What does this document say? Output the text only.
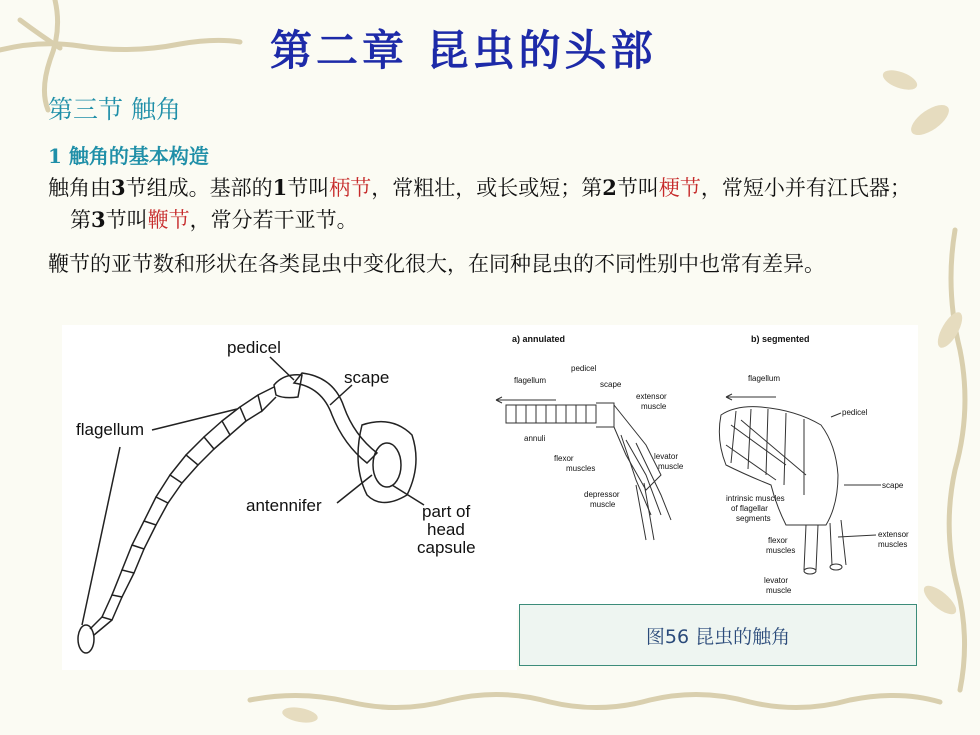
第二章 昆虫的头部
第三节 触角
1 触角的基本构造
触角由3节组成。基部的1节叫柄节，常粗壮，或长或短；第2节叫梗节，常短小并有江氏器；第3节叫鞭节，常分若干亚节。
鞭节的亚节数和形状在各类昆虫中变化很大，在同种昆虫的不同性别中也常有差异。
pedicel
scape
flagellum
antennifer	part of
head
capsule
a) annulated	b) segmented
flagellum
pedicel
scape
extensor
muscle
annuli
flexor
muscles
levator
muscle
depressor
muscle
flagellum
pedicel
scape
intrinsic muscles
of flagellar
segments
extensor
muscles
flexor
muscles
levator
muscle
图56 昆虫的触角
